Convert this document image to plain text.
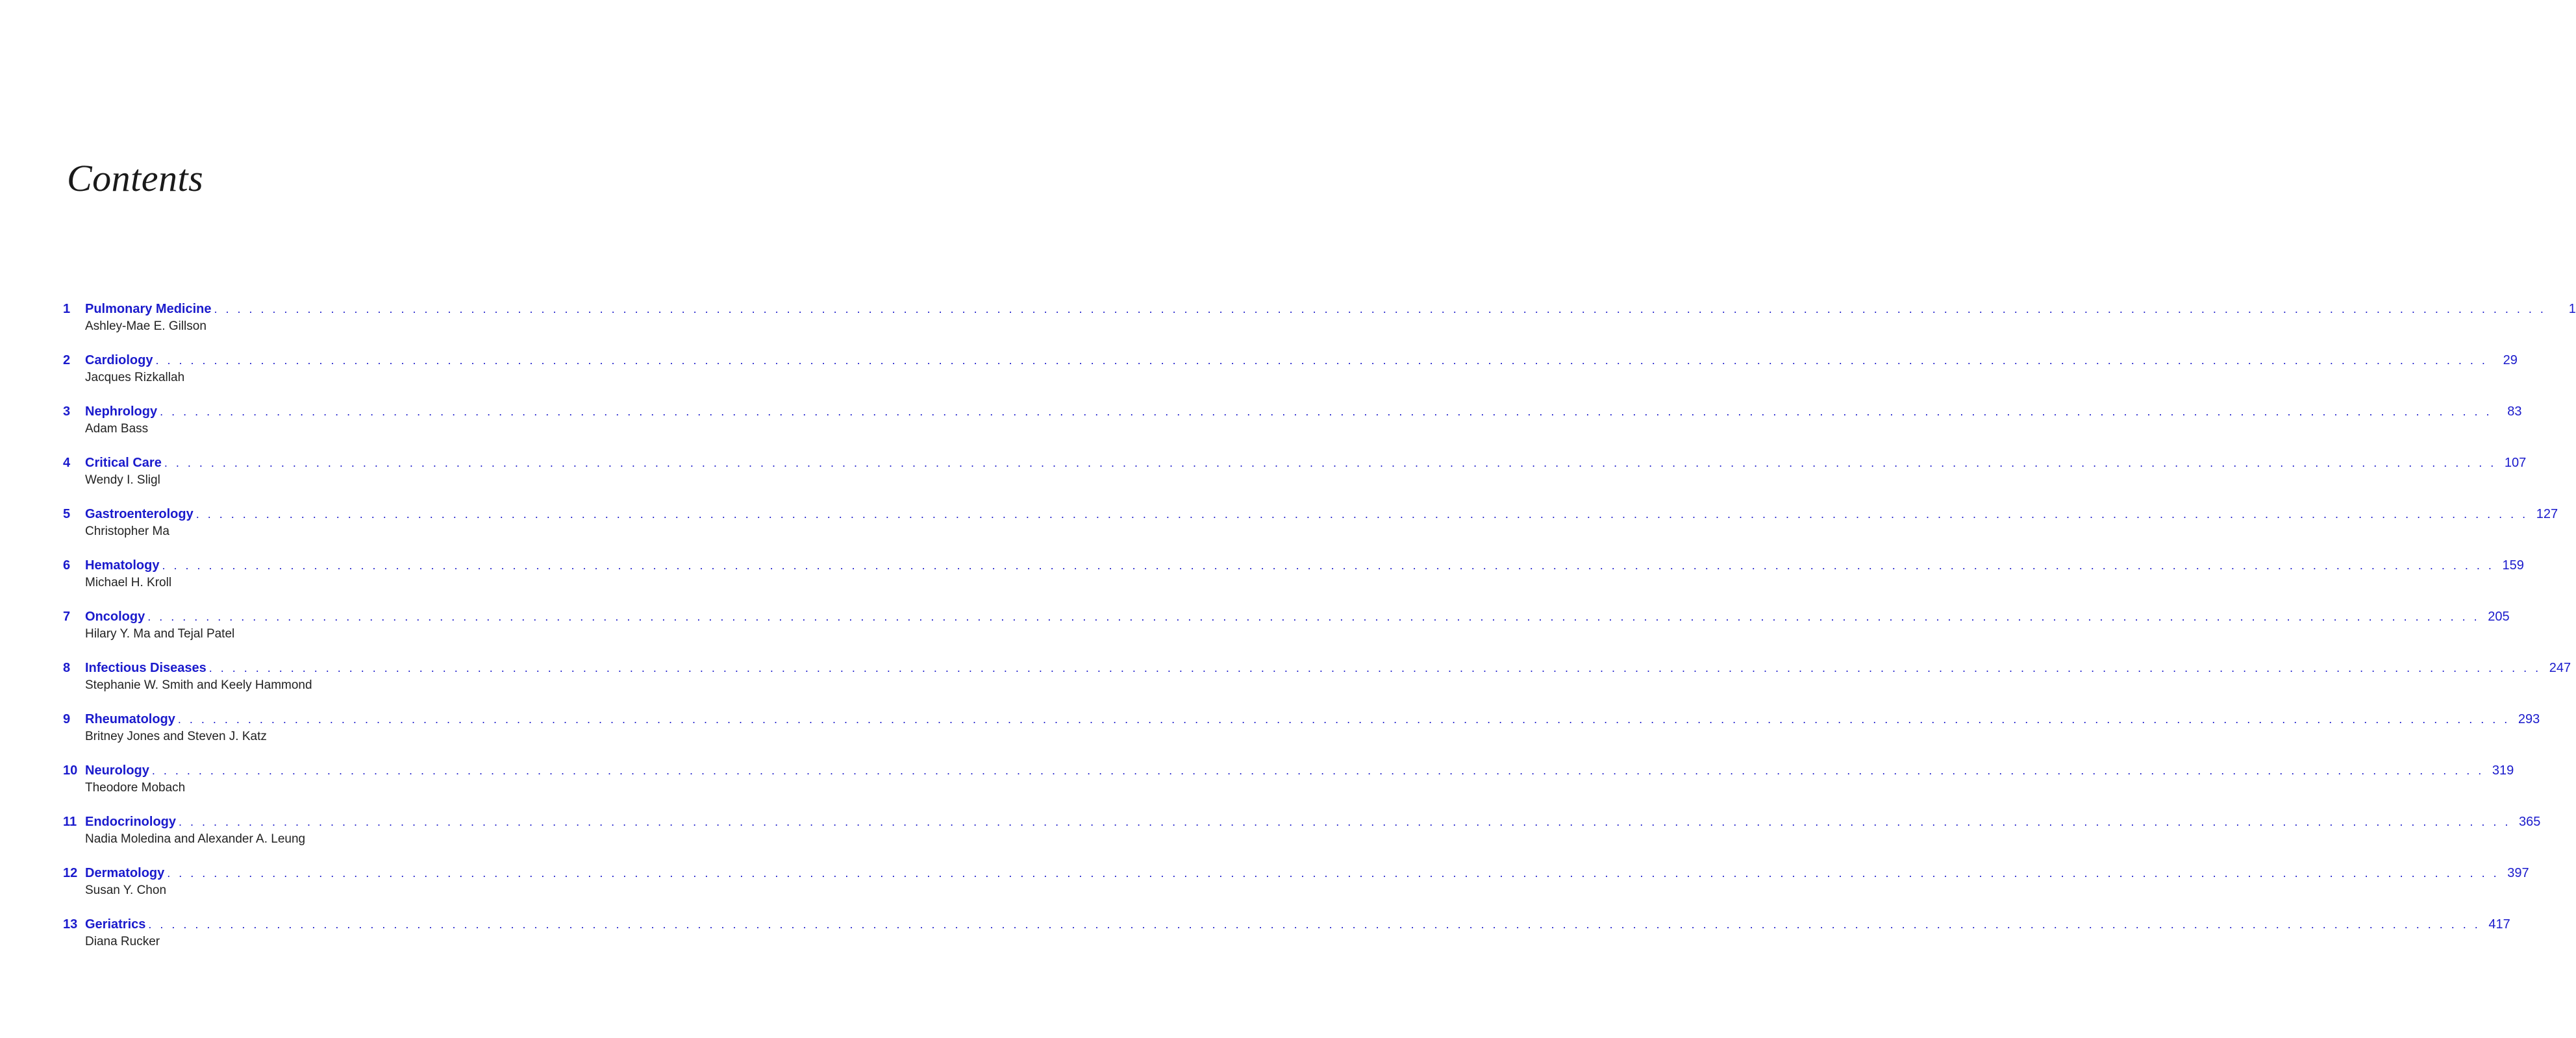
Contents
1	Pulmonary Medicine . . . . . . . . . . . . . . . . . . . . . . . . . . . . . . . . . . . . . . . . . . . . . . . . . . . . . . . . . . . . . . . . . . . . . . . . . . . . . . . . . . . . . . . . . . . . . . . . . . . . . . . . . . . . . . . . . . . . . . . . . . . . . . . . . . . . . . . . . . . . . . . . . . . . . . . . . . . . . . . . . . . . . . . . . . . . . . . . . . . . . . . . . . . . . . . . . . . . . . . .	1
Ashley-Mae E. Gillson
2	Cardiology . . . . . . . . . . . . . . . . . . . . . . . . . . . . . . . . . . . . . . . . . . . . . . . . . . . . . . . . . . . . . . . . . . . . . . . . . . . . . . . . . . . . . . . . . . . . . . . . . . . . . . . . . . . . . . . . . . . . . . . . . . . . . . . . . . . . . . . . . . . . . . . . . . . . . . . . . . . . . . . . . . . . . . . . . . . . . . . . . . . . . . . . . . . . . . . . . . . . . . . .	29
Jacques Rizkallah
3	Nephrology . . . . . . . . . . . . . . . . . . . . . . . . . . . . . . . . . . . . . . . . . . . . . . . . . . . . . . . . . . . . . . . . . . . . . . . . . . . . . . . . . . . . . . . . . . . . . . . . . . . . . . . . . . . . . . . . . . . . . . . . . . . . . . . . . . . . . . . . . . . . . . . . . . . . . . . . . . . . . . . . . . . . . . . . . . . . . . . . . . . . . . . . . . . . . . . . . . . . . . . .	83
Adam Bass
4	Critical Care . . . . . . . . . . . . . . . . . . . . . . . . . . . . . . . . . . . . . . . . . . . . . . . . . . . . . . . . . . . . . . . . . . . . . . . . . . . . . . . . . . . . . . . . . . . . . . . . . . . . . . . . . . . . . . . . . . . . . . . . . . . . . . . . . . . . . . . . . . . . . . . . . . . . . . . . . . . . . . . . . . . . . . . . . . . . . . . . . . . . . . . . . . . . . . . . . . . . . . . . 107
Wendy I. Sligl
5	Gastroenterology . . . . . . . . . . . . . . . . . . . . . . . . . . . . . . . . . . . . . . . . . . . . . . . . . . . . . . . . . . . . . . . . . . . . . . . . . . . . . . . . . . . . . . . . . . . . . . . . . . . . . . . . . . . . . . . . . . . . . . . . . . . . . . . . . . . . . . . . . . . . . . . . . . . . . . . . . . . . . . . . . . . . . . . . . . . . . . . . . . . . . . . . . . . . . . . . . . . . . . . . 127
Christopher Ma
6	Hematology . . . . . . . . . . . . . . . . . . . . . . . . . . . . . . . . . . . . . . . . . . . . . . . . . . . . . . . . . . . . . . . . . . . . . . . . . . . . . . . . . . . . . . . . . . . . . . . . . . . . . . . . . . . . . . . . . . . . . . . . . . . . . . . . . . . . . . . . . . . . . . . . . . . . . . . . . . . . . . . . . . . . . . . . . . . . . . . . . . . . . . . . . . . . . . . . . . . . . . . . 159
Michael H. Kroll
7	Oncology . . . . . . . . . . . . . . . . . . . . . . . . . . . . . . . . . . . . . . . . . . . . . . . . . . . . . . . . . . . . . . . . . . . . . . . . . . . . . . . . . . . . . . . . . . . . . . . . . . . . . . . . . . . . . . . . . . . . . . . . . . . . . . . . . . . . . . . . . . . . . . . . . . . . . . . . . . . . . . . . . . . . . . . . . . . . . . . . . . . . . . . . . . . . . . . . . . . . . . . . 205
Hilary Y. Ma and Tejal Patel
8	Infectious Diseases . . . . . . . . . . . . . . . . . . . . . . . . . . . . . . . . . . . . . . . . . . . . . . . . . . . . . . . . . . . . . . . . . . . . . . . . . . . . . . . . . . . . . . . . . . . . . . . . . . . . . . . . . . . . . . . . . . . . . . . . . . . . . . . . . . . . . . . . . . . . . . . . . . . . . . . . . . . . . . . . . . . . . . . . . . . . . . . . . . . . . . . . . . . . . . . . . . . . . . . . 247
Stephanie W. Smith and Keely Hammond
9	Rheumatology . . . . . . . . . . . . . . . . . . . . . . . . . . . . . . . . . . . . . . . . . . . . . . . . . . . . . . . . . . . . . . . . . . . . . . . . . . . . . . . . . . . . . . . . . . . . . . . . . . . . . . . . . . . . . . . . . . . . . . . . . . . . . . . . . . . . . . . . . . . . . . . . . . . . . . . . . . . . . . . . . . . . . . . . . . . . . . . . . . . . . . . . . . . . . . . . . . . . . . . . 293
Britney Jones and Steven J. Katz
10 Neurology . . . . . . . . . . . . . . . . . . . . . . . . . . . . . . . . . . . . . . . . . . . . . . . . . . . . . . . . . . . . . . . . . . . . . . . . . . . . . . . . . . . . . . . . . . . . . . . . . . . . . . . . . . . . . . . . . . . . . . . . . . . . . . . . . . . . . . . . . . . . . . . . . . . . . . . . . . . . . . . . . . . . . . . . . . . . . . . . . . . . . . . . . . . . . . . . . . . . . . . . 319
Theodore Mobach
11 Endocrinology . . . . . . . . . . . . . . . . . . . . . . . . . . . . . . . . . . . . . . . . . . . . . . . . . . . . . . . . . . . . . . . . . . . . . . . . . . . . . . . . . . . . . . . . . . . . . . . . . . . . . . . . . . . . . . . . . . . . . . . . . . . . . . . . . . . . . . . . . . . . . . . . . . . . . . . . . . . . . . . . . . . . . . . . . . . . . . . . . . . . . . . . . . . . . . . . . . . . . . . . 365
Nadia Moledina and Alexander A. Leung
12 Dermatology . . . . . . . . . . . . . . . . . . . . . . . . . . . . . . . . . . . . . . . . . . . . . . . . . . . . . . . . . . . . . . . . . . . . . . . . . . . . . . . . . . . . . . . . . . . . . . . . . . . . . . . . . . . . . . . . . . . . . . . . . . . . . . . . . . . . . . . . . . . . . . . . . . . . . . . . . . . . . . . . . . . . . . . . . . . . . . . . . . . . . . . . . . . . . . . . . . . . . . . . 397
Susan Y. Chon
13 Geriatrics . . . . . . . . . . . . . . . . . . . . . . . . . . . . . . . . . . . . . . . . . . . . . . . . . . . . . . . . . . . . . . . . . . . . . . . . . . . . . . . . . . . . . . . . . . . . . . . . . . . . . . . . . . . . . . . . . . . . . . . . . . . . . . . . . . . . . . . . . . . . . . . . . . . . . . . . . . . . . . . . . . . . . . . . . . . . . . . . . . . . . . . . . . . . . . . . . . . . . . . . 417
Diana Rucker
